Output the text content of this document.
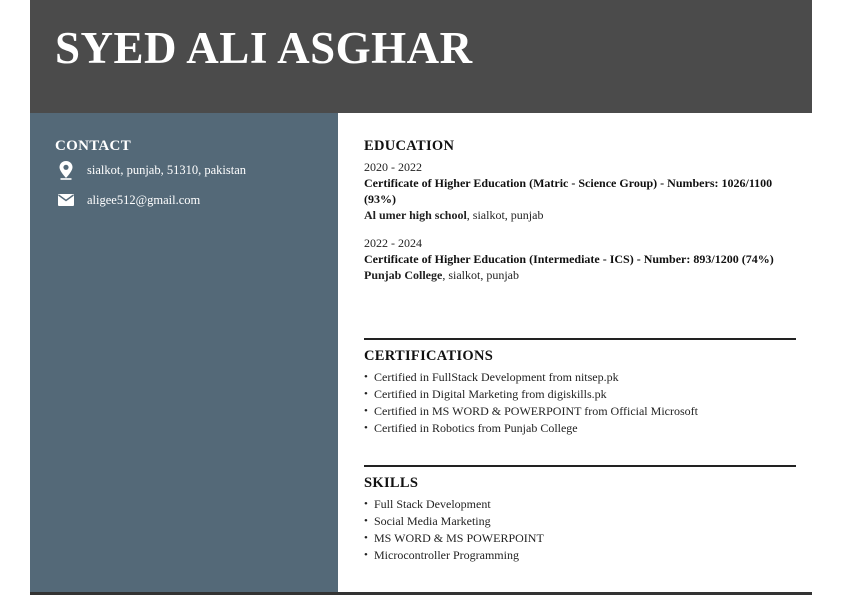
SYED ALI ASGHAR
CONTACT
sialkot, punjab, 51310, pakistan
aligee512@gmail.com
EDUCATION
2020 - 2022
Certificate of Higher Education (Matric - Science Group) - Numbers: 1026/1100 (93%)
Al umer high school, sialkot, punjab
2022 - 2024
Certificate of Higher Education (Intermediate - ICS) - Number: 893/1200 (74%)
Punjab College, sialkot, punjab
CERTIFICATIONS
• Certified in FullStack Development from nitsep.pk
• Certified in Digital Marketing from digiskills.pk
• Certified in MS WORD & POWERPOINT from Official Microsoft
• Certified in Robotics from Punjab College
SKILLS
• Full Stack Development
• Social Media Marketing
• MS WORD & MS POWERPOINT
• Microcontroller Programming
